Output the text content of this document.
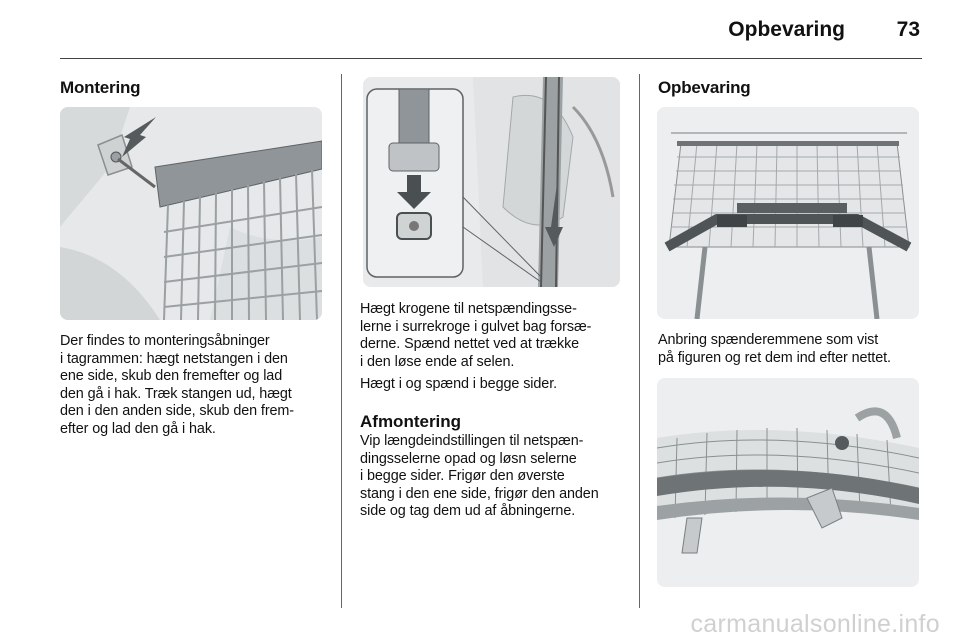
Opbevaring	73
Montering

Der findes to monteringsåbninger
i tagrammen: hægt netstangen i den
ene side, skub den fremefter og lad
den gå i hak. Træk stangen ud, hægt
den i den anden side, skub den frem-
efter og lad den gå i hak.

Hægt krogene til netspændingsse-
lerne i surrekroge i gulvet bag forsæ-
derne. Spænd nettet ved at trække
i den løse ende af selen.

Hægt i og spænd i begge sider.

Afmontering

Vip længdeindstillingen til netspæn-
dingsselerne opad og løsn selerne
i begge sider. Frigør den øverste
stang i den ene side, frigør den anden
side og tag dem ud af åbningerne.

Opbevaring

Anbring spænderemmene som vist
på figuren og ret dem ind efter nettet.

carmanualsonline.info
